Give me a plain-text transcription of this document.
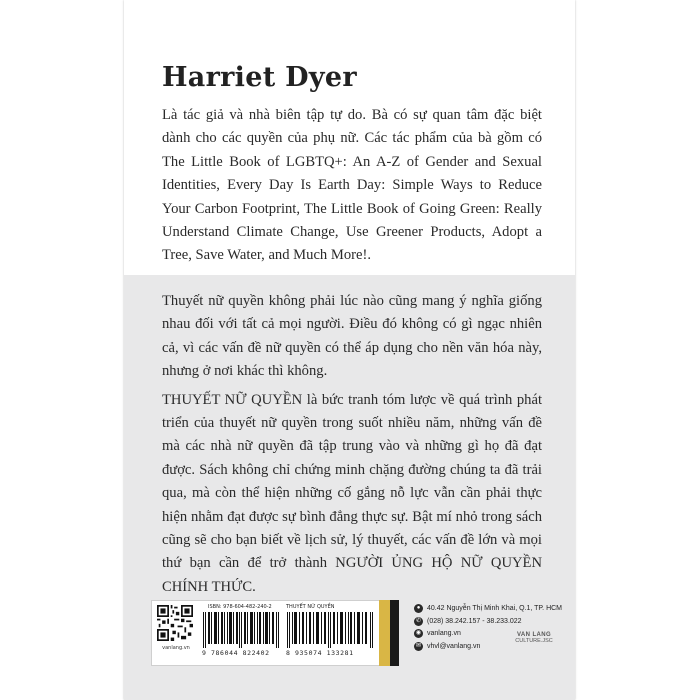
Harriet Dyer

Là tác giả và nhà biên tập tự do. Bà có sự quan tâm đặc biệt dành cho các quyền của phụ nữ. Các tác phẩm của bà gồm có The Little Book of LGBTQ+: An A-Z of Gender and Sexual Identities, Every Day Is Earth Day: Simple Ways to Reduce Your Carbon Footprint, The Little Book of Going Green: Really Understand Climate Change, Use Greener Products, Adopt a Tree, Save Water, and Much More!.

Thuyết nữ quyền không phải lúc nào cũng mang ý nghĩa giống nhau đối với tất cả mọi người. Điều đó không có gì ngạc nhiên cả, vì các vấn đề nữ quyền có thể áp dụng cho nền văn hóa này, nhưng ở nơi khác thì không.

THUYẾT NỮ QUYỀN là bức tranh tóm lược về quá trình phát triển của thuyết nữ quyền trong suốt nhiều năm, những vấn đề mà các nhà nữ quyền đã tập trung vào và những gì họ đã đạt được. Sách không chỉ chứng minh chặng đường chúng ta đã trải qua, mà còn thể hiện những cố gắng nỗ lực vẫn cần phải thực hiện nhằm đạt được sự bình đẳng thực sự. Bật mí nhỏ trong sách cũng sẽ cho bạn biết về lịch sử, lý thuyết, các vấn đề lớn và mọi thứ bạn cần để trở thành NGƯỜI ỦNG HỘ NỮ QUYỀN CHÍNH THỨC.

vanlang.vn
ISBN: 978-604-482-240-2	THUYẾT NỮ QUYỀN
9 786044 822402	8 935074 133281
● 40.42 Nguyễn Thị Minh Khai, Q.1, TP. HCM
✆ (028) 38.242.157 - 38.233.022
◉ vanlang.vn
✉ vhvl@vanlang.vn
VAN LANG
CULTURE.JSC
